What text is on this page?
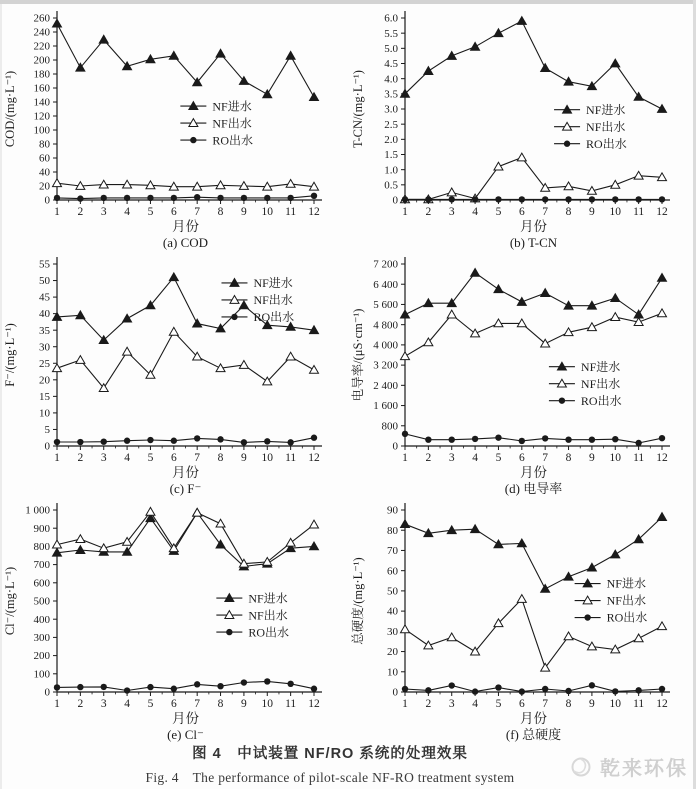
0
20
40
60
80
100
120
140
160
180
200
220
240
260
1 2 3 4 5 6 7 8 9 10 11 12
COD/(mg·L⁻¹)
月份
(a) COD
NF进水
NF出水
RO出水
0
0.5
1.0
1.5
2.0
2.5
3.0
3.5
4.0
4.5
5.0
5.5
6.0
1 2 3 4 5 6 7 8 9 10 11 12
T-CN/(mg·L⁻¹)
月份
(b) T-CN
NF进水
NF出水
RO出水
0
5
10
15
20
25
30
35
40
45
50
55
1 2 3 4 5 6 7 8 9 10 11 12
F⁻/(mg·L⁻¹)
月份
(c) F⁻
NF进水
NF出水
RO出水
0
800
1 600
2 400
3 200
4 000
4 800
5 600
6 400
7 200
1 2 3 4 5 6 7 8 9 10 11 12
电导率/(μS·cm⁻¹)
月份
(d) 电导率
NF进水
NF出水
RO出水
0
100
200
300
400
500
600
700
800
900
1 000
1 2 3 4 5 6 7 8 9 10 11 12
Cl⁻/(mg·L⁻¹)
月份
(e) Cl⁻
NF进水
NF出水
RO出水
0
10
20
30
40
50
60
70
80
90
1 2 3 4 5 6 7 8 9 10 11 12
总硬度/(mg·L⁻¹)
月份
(f) 总硬度
NF进水
NF出水
RO出水
图 4　中试装置 NF/RO 系统的处理效果
Fig. 4　The performance of pilot-scale NF-RO treatment system	乾来环保
